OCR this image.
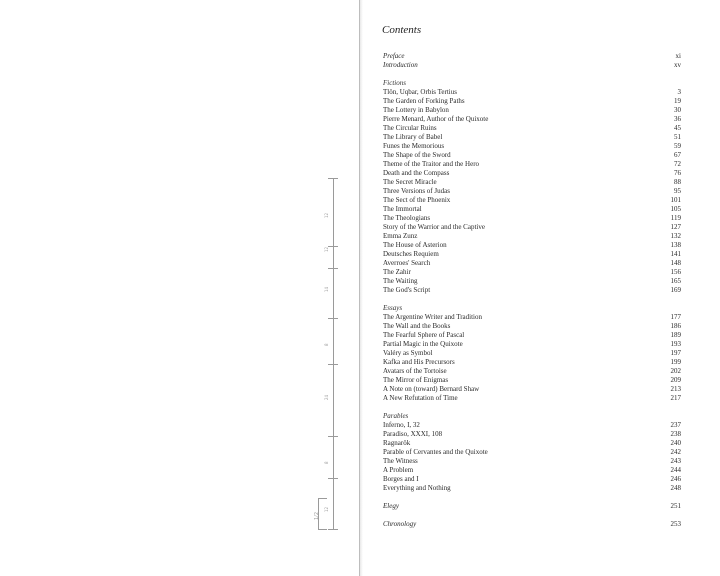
12
12
14
8
24
8
12
1/2
Contents
Preface	xi
Introduction	xv
Fictions
Tlön, Uqbar, Orbis Tertius	3
The Garden of Forking Paths	19
The Lottery in Babylon	30
Pierre Menard, Author of the Quixote	36
The Circular Ruins	45
The Library of Babel	51
Funes the Memorious	59
The Shape of the Sword	67
Theme of the Traitor and the Hero	72
Death and the Compass	76
The Secret Miracle	88
Three Versions of Judas	95
The Sect of the Phoenix	101
The Immortal	105
The Theologians	119
Story of the Warrior and the Captive	127
Emma Zunz	132
The House of Asterion	138
Deutsches Requiem	141
Averroes' Search	148
The Zahir	156
The Waiting	165
The God's Script	169
Essays
The Argentine Writer and Tradition	177
The Wall and the Books	186
The Fearful Sphere of Pascal	189
Partial Magic in the Quixote	193
Valéry as Symbol	197
Kafka and His Precursors	199
Avatars of the Tortoise	202
The Mirror of Enigmas	209
A Note on (toward) Bernard Shaw	213
A New Refutation of Time	217
Parables
Inferno, I, 32	237
Paradiso, XXXI, 108	238
Ragnarök	240
Parable of Cervantes and the Quixote	242
The Witness	243
A Problem	244
Borges and I	246
Everything and Nothing	248
Elegy	251
Chronology	253
